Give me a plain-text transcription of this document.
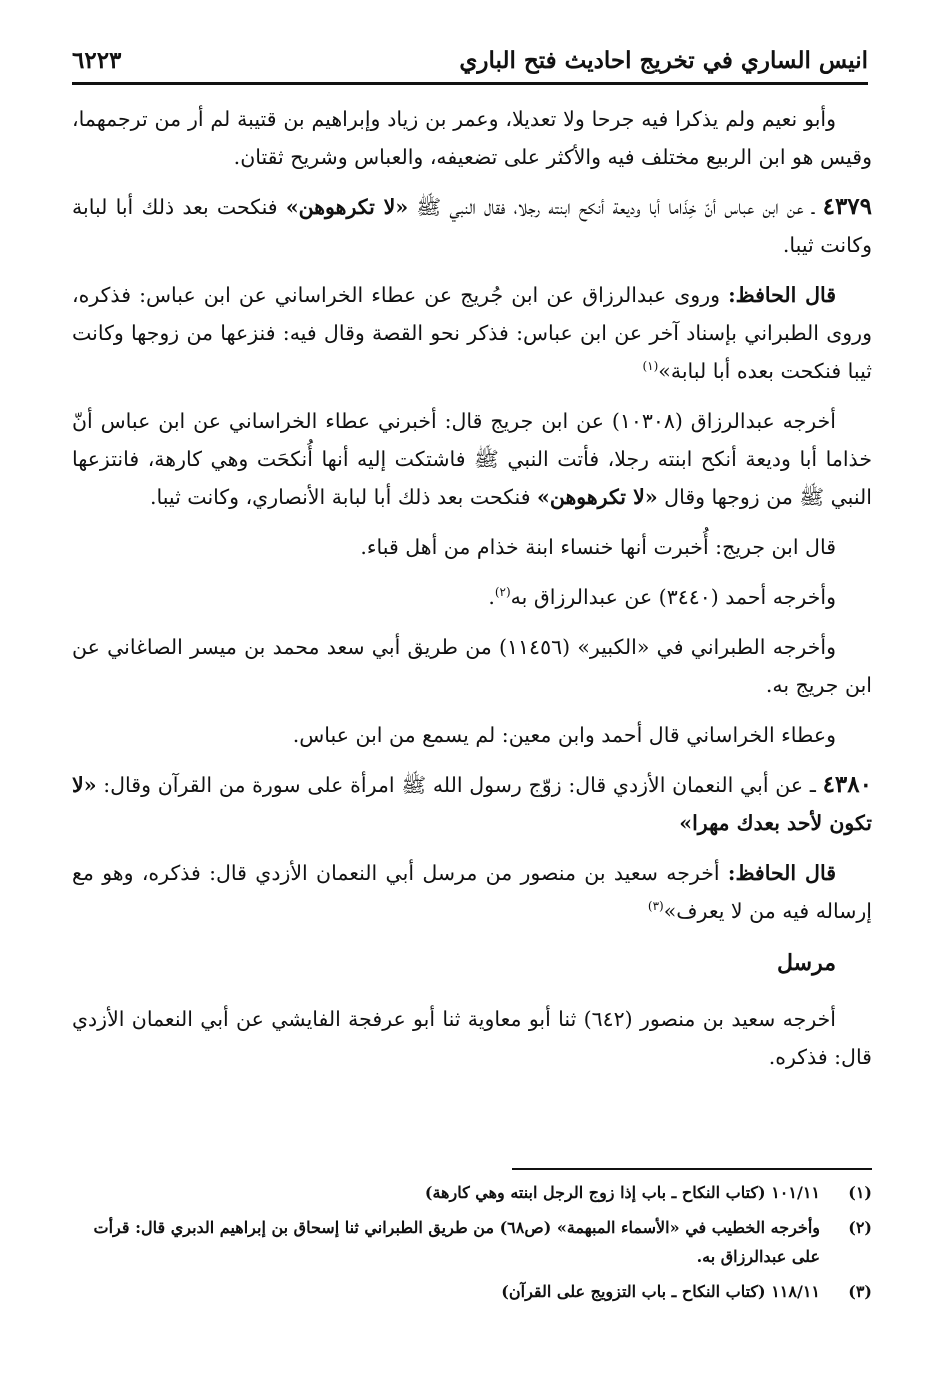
انيس الساري في تخريج احاديث فتح الباري
٦٢٢٣

وأبو نعيم ولم يذكرا فيه جرحا ولا تعديلا، وعمر بن زياد وإبراهيم بن قتيبة لم أر من ترجمهما، وقيس هو ابن الربيع مختلف فيه والأكثر على تضعيفه، والعباس وشريح ثقتان.

٤٣٧٩ ـ عن ابن عباس أنّ خِذَاما أبا وديعة أنكح ابنته رجلا، فقال النبي ﷺ «لا تكرهوهن» فنكحت بعد ذلك أبا لبابة وكانت ثيبا.

قال الحافظ: وروى عبدالرزاق عن ابن جُريج عن عطاء الخراساني عن ابن عباس: فذكره، وروى الطبراني بإسناد آخر عن ابن عباس: فذكر نحو القصة وقال فيه: فنزعها من زوجها وكانت ثيبا فنكحت بعده أبا لبابة»$^{(١)}$

أخرجه عبدالرزاق (١٠٣٠٨) عن ابن جريج قال: أخبرني عطاء الخراساني عن ابن عباس أنّ خذاما أبا وديعة أنكح ابنته رجلا، فأتت النبي ﷺ فاشتكت إليه أنها أُنكحَت وهي كارهة، فانتزعها النبي ﷺ من زوجها وقال «لا تكرهوهن» فنكحت بعد ذلك أبا لبابة الأنصاري، وكانت ثيبا.

قال ابن جريج: أُخبرت أنها خنساء ابنة خذام من أهل قباء.

وأخرجه أحمد (٣٤٤٠) عن عبدالرزاق به$^{(٢)}$.

وأخرجه الطبراني في «الكبير» (١١٤٥٦) من طريق أبي سعد محمد بن ميسر الصاغاني عن ابن جريج به.

وعطاء الخراساني قال أحمد وابن معين: لم يسمع من ابن عباس.

٤٣٨٠ ـ عن أبي النعمان الأزدي قال: زوّج رسول الله ﷺ امرأة على سورة من القرآن وقال: «لا تكون لأحد بعدك مهرا»

قال الحافظ: أخرجه سعيد بن منصور من مرسل أبي النعمان الأزدي قال: فذكره، وهو مع إرساله فيه من لا يعرف»$^{(٣)}$

مرسل

أخرجه سعيد بن منصور (٦٤٢) ثنا أبو معاوية ثنا أبو عرفجة الفايشي عن أبي النعمان الأزدي قال: فذكره.

(١)
١٠١/١١ (كتاب النكاح ـ باب إذا زوج الرجل ابنته وهي كارهة)
(٢)
وأخرجه الخطيب في «الأسماء المبهمة» (ص٦٨) من طريق الطبراني ثنا إسحاق بن إبراهيم الدبري قال: قرأت على عبدالرزاق به.
(٣)
١١٨/١١ (كتاب النكاح ـ باب التزويج على القرآن)
